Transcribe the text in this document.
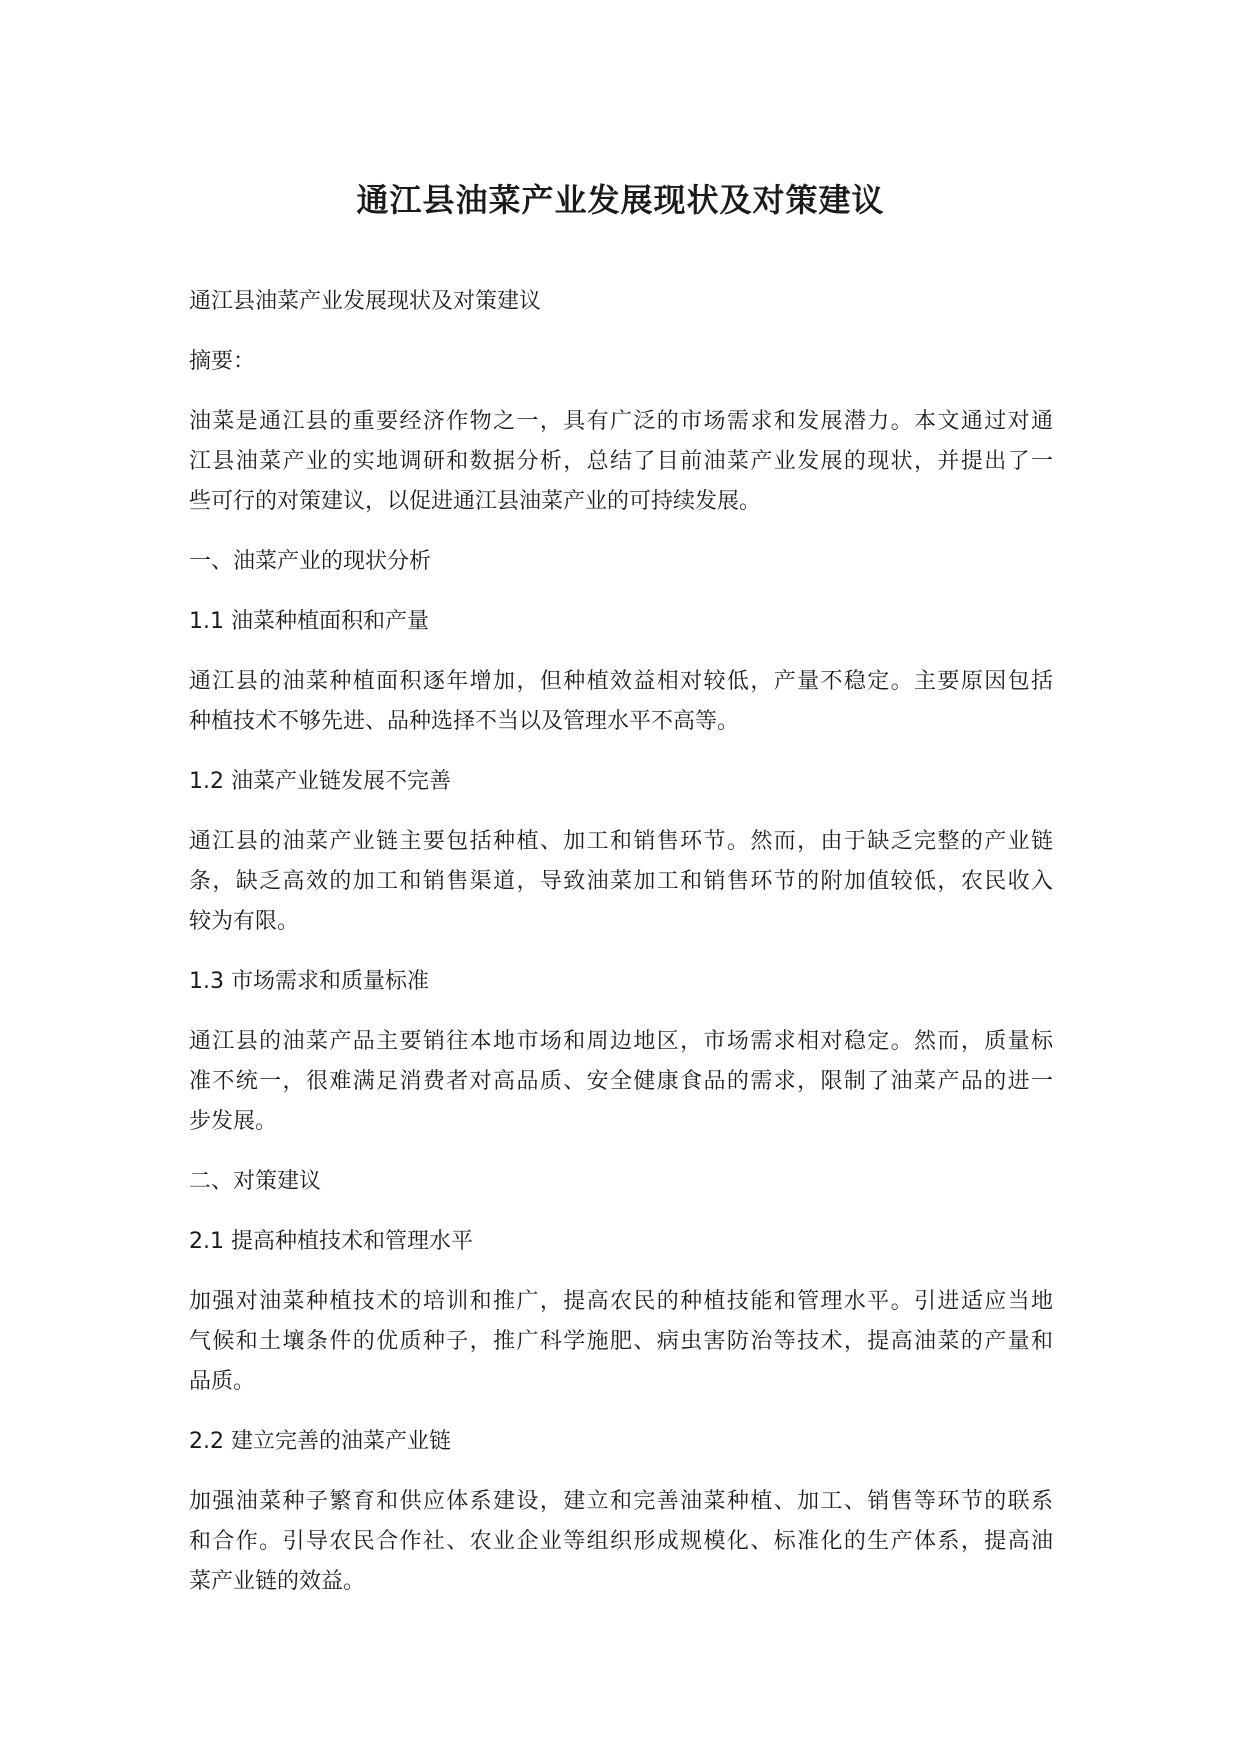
通江县油菜产业发展现状及对策建议

通江县油菜产业发展现状及对策建议

摘要：

油菜是通江县的重要经济作物之一，具有广泛的市场需求和发展潜力。本文通过对通

江县油菜产业的实地调研和数据分析，总结了目前油菜产业发展的现状，并提出了一

些可行的对策建议，以促进通江县油菜产业的可持续发展。

一、油菜产业的现状分析

1.1 油菜种植面积和产量

通江县的油菜种植面积逐年增加，但种植效益相对较低，产量不稳定。主要原因包括

种植技术不够先进、品种选择不当以及管理水平不高等。

1.2 油菜产业链发展不完善

通江县的油菜产业链主要包括种植、加工和销售环节。然而，由于缺乏完整的产业链

条，缺乏高效的加工和销售渠道，导致油菜加工和销售环节的附加值较低，农民收入

较为有限。

1.3 市场需求和质量标准

通江县的油菜产品主要销往本地市场和周边地区，市场需求相对稳定。然而，质量标

准不统一，很难满足消费者对高品质、安全健康食品的需求，限制了油菜产品的进一

步发展。

二、对策建议

2.1 提高种植技术和管理水平

加强对油菜种植技术的培训和推广，提高农民的种植技能和管理水平。引进适应当地

气候和土壤条件的优质种子，推广科学施肥、病虫害防治等技术，提高油菜的产量和

品质。

2.2 建立完善的油菜产业链

加强油菜种子繁育和供应体系建设，建立和完善油菜种植、加工、销售等环节的联系

和合作。引导农民合作社、农业企业等组织形成规模化、标准化的生产体系，提高油

菜产业链的效益。
